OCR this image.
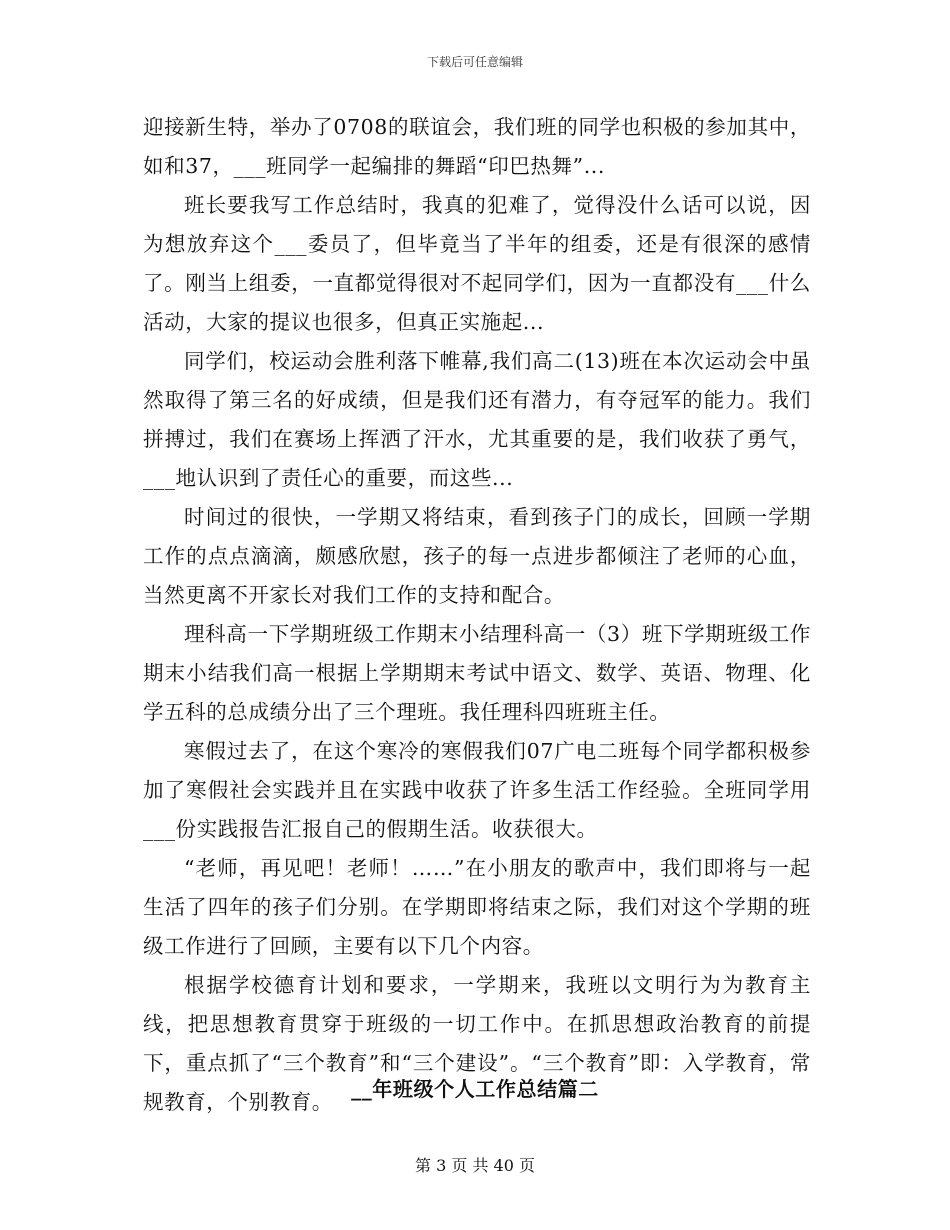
下载后可任意编辑

迎接新生特，举办了0708的联谊会，我们班的同学也积极的参加其中，如和37，___班同学一起编排的舞蹈“印巴热舞”...

班长要我写工作总结时，我真的犯难了，觉得没什么话可以说，因为想放弃这个___委员了，但毕竟当了半年的组委，还是有很深的感情了。刚当上组委，一直都觉得很对不起同学们，因为一直都没有___什么活动，大家的提议也很多，但真正实施起...

同学们，校运动会胜利落下帷幕,我们高二(13)班在本次运动会中虽然取得了第三名的好成绩，但是我们还有潜力，有夺冠军的能力。我们拼搏过，我们在赛场上挥洒了汗水，尤其重要的是，我们收获了勇气，___地认识到了责任心的重要，而这些...

时间过的很快，一学期又将结束，看到孩子门的成长，回顾一学期工作的点点滴滴，颇感欣慰，孩子的每一点进步都倾注了老师的心血，当然更离不开家长对我们工作的支持和配合。

理科高一下学期班级工作期末小结理科高一（3）班下学期班级工作期末小结我们高一根据上学期期末考试中语文、数学、英语、物理、化学五科的总成绩分出了三个理班。我任理科四班班主任。

寒假过去了，在这个寒冷的寒假我们07广电二班每个同学都积极参加了寒假社会实践并且在实践中收获了许多生活工作经验。全班同学用___份实践报告汇报自己的假期生活。收获很大。

“老师，再见吧！老师！……”在小朋友的歌声中，我们即将与一起生活了四年的孩子们分别。在学期即将结束之际，我们对这个学期的班级工作进行了回顾，主要有以下几个内容。

根据学校德育计划和要求，一学期来，我班以文明行为为教育主线，把思想教育贯穿于班级的一切工作中。在抓思想政治教育的前提下，重点抓了“三个教育”和“三个建设”。“三个教育”即：入学教育，常规教育，个别教育。

__年班级个人工作总结篇二
第 3 页 共 40 页
